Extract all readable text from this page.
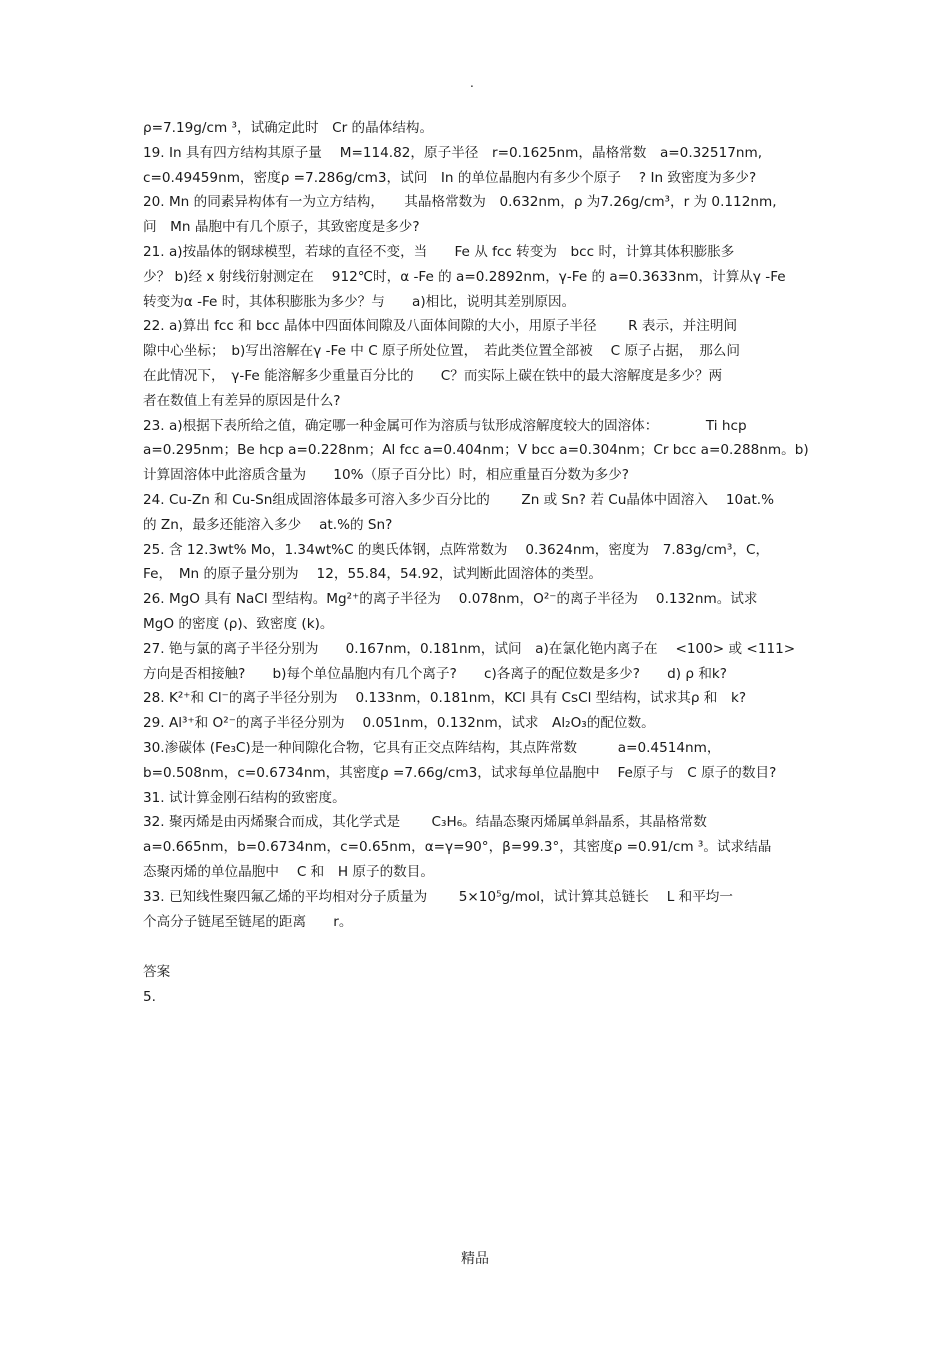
.

ρ=7.19g/cm ³，试确定此时　Cr 的晶体结构。

19. In 具有四方结构其原子量　 M=114.82，原子半径　r=0.1625nm，晶格常数　a=0.32517nm,

c=0.49459nm，密度ρ =7.286g/cm3，试问　In 的单位晶胞内有多少个原子　 ? In 致密度为多少?

20. Mn 的同素异构体有一为立方结构，　　其晶格常数为　0.632nm，ρ 为7.26g/cm³，r 为 0.112nm,

问　Mn 晶胞中有几个原子，其致密度是多少?

21. a)按晶体的钢球模型，若球的直径不变，当　　Fe 从 fcc 转变为　bcc 时，计算其体积膨胀多

少？ b)经 x 射线衍射测定在　 912℃时，α -Fe 的 a=0.2892nm，γ-Fe 的 a=0.3633nm，计算从γ -Fe

转变为α -Fe 时，其体积膨胀为多少？与　　a)相比，说明其差别原因。

22. a)算出 fcc 和 bcc 晶体中四面体间隙及八面体间隙的大小，用原子半径　　 R 表示，并注明间

隙中心坐标；　b)写出溶解在γ -Fe 中 C 原子所处位置，　若此类位置全部被　 C 原子占据，　那么问

在此情况下，　γ-Fe 能溶解多少重量百分比的　　C？而实际上碳在铁中的最大溶解度是多少？两

者在数值上有差异的原因是什么?

23. a)根据下表所给之值，确定哪一种金属可作为溶质与钛形成溶解度较大的固溶体：　　　　Ti hcp

a=0.295nm；Be hcp a=0.228nm；Al fcc a=0.404nm；V bcc a=0.304nm；Cr bcc a=0.288nm。b)

计算固溶体中此溶质含量为　　10%（原子百分比）时，相应重量百分数为多少?

24. Cu-Zn 和 Cu-Sn组成固溶体最多可溶入多少百分比的　　 Zn 或 Sn? 若 Cu晶体中固溶入　 10at.%

的 Zn，最多还能溶入多少　 at.%的 Sn?

25. 含 12.3wt% Mo，1.34wt%C 的奥氏体钢，点阵常数为　 0.3624nm，密度为　7.83g/cm³，C，

Fe，　Mn 的原子量分别为　 12，55.84，54.92，试判断此固溶体的类型。

26. MgO 具有 NaCl 型结构。Mg²⁺的离子半径为　 0.078nm，O²⁻的离子半径为　 0.132nm。试求

MgO 的密度 (ρ)、致密度 (k)。

27. 铯与氯的离子半径分别为　　0.167nm，0.181nm，试问　a)在氯化铯内离子在　 <100> 或 <111>

方向是否相接触?　　b)每个单位晶胞内有几个离子?　　c)各离子的配位数是多少?　　d) ρ 和k?

28. K²⁺和 Cl⁻的离子半径分别为　 0.133nm，0.181nm，KCl 具有 CsCl 型结构，试求其ρ 和　k?

29. Al³⁺和 O²⁻的离子半径分别为　 0.051nm，0.132nm，试求　Al₂O₃的配位数。

30.渗碳体 (Fe₃C)是一种间隙化合物，它具有正交点阵结构，其点阵常数　　　a=0.4514nm，

b=0.508nm，c=0.6734nm，其密度ρ =7.66g/cm3，试求每单位晶胞中　 Fe原子与　C 原子的数目?

31. 试计算金刚石结构的致密度。

32. 聚丙烯是由丙烯聚合而成，其化学式是　　 C₃H₆。结晶态聚丙烯属单斜晶系，其晶格常数

a=0.665nm，b=0.6734nm，c=0.65nm，α=γ=90°，β=99.3°，其密度ρ =0.91/cm ³。试求结晶

态聚丙烯的单位晶胞中　 C 和　H 原子的数目。

33. 已知线性聚四氟乙烯的平均相对分子质量为　　 5×10⁵g/mol，试计算其总链长　 L 和平均一

个高分子链尾至链尾的距离　　r。

答案

5.

精品
